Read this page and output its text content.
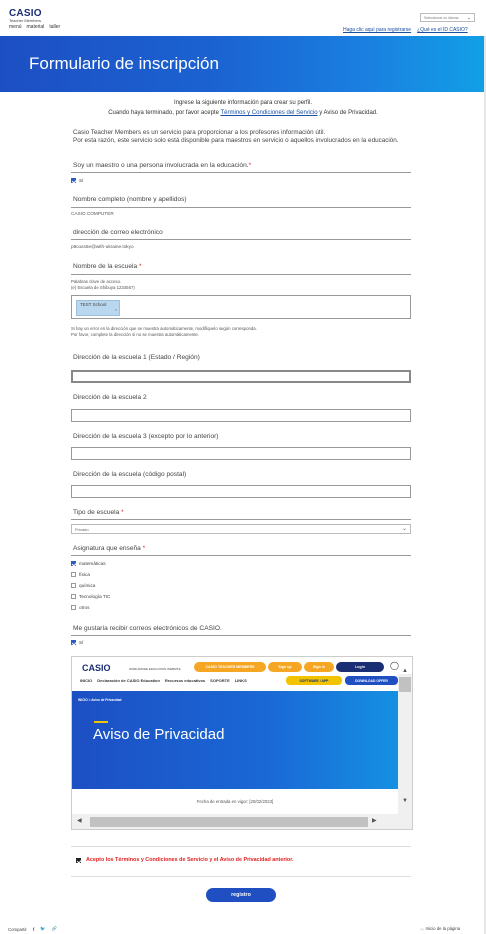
CASIO
Teacher Members
menú material taller
Seleccionar un idioma ⌄
Haga clic aquí para registrarse ¿Qué es el ID CASIO?
Formulario de inscripción
Ingrese la siguiente información para crear su perfil.
Cuando haya terminado, por favor acepte Términos y Condiciones del Servicio y Aviso de Privacidad.
Casio Teacher Members es un servicio para proporcionar a los profesores información útil.
Por esta razón, este servicio solo está disponible para maestros en servicio o aquellos involucrados en la educación.
Soy un maestro o una persona involucrada en la educación.*
Sí
Nombre completo (nombre y apellidos)
CASIO COMPUTER
dirección de correo electrónico
p8cuss5e@with-ukraine.tokyo
Nombre de la escuela *
Palabras clave de acceso.
(e) Escuela de Shibuya 1234567)
TEST School
×
Si hay un error en la dirección que se muestra automáticamente, modifíquelo según corresponda.
Por favor, complete la dirección si no se muestra automáticamente.
Dirección de la escuela 1 (Estado / Región)
Dirección de la escuela 2
Dirección de la escuela 3 (excepto por lo anterior)
Dirección de la escuela (código postal)
Tipo de escuela *
Privado	⌄
Asignatura que enseña *
matemáticas
física
química
Tecnología TIC
otros
Me gustaría recibir correos electrónicos de CASIO.
Sí
CASIO	WORLDWIDE EDUCATION WEBSITE	CASIO TEACHER MEMBERS	Sign up	Sign in	Login	◯
INICIO Declaración de CASIO Education Recursos educativos SOPORTE LINKS	SOFTWARE / APP	DOWNLOAD OFFER
INICIO > Aviso de Privacidad
Aviso de Privacidad
Fecha de entrada en vigor: [20/02/2023]
▲
▼
◀	▶
Acepto los Términos y Condiciones de Servicio y el Aviso de Privacidad anterior.
registro
Compartir f 🐦 🔗	︿ Inicio de la página
